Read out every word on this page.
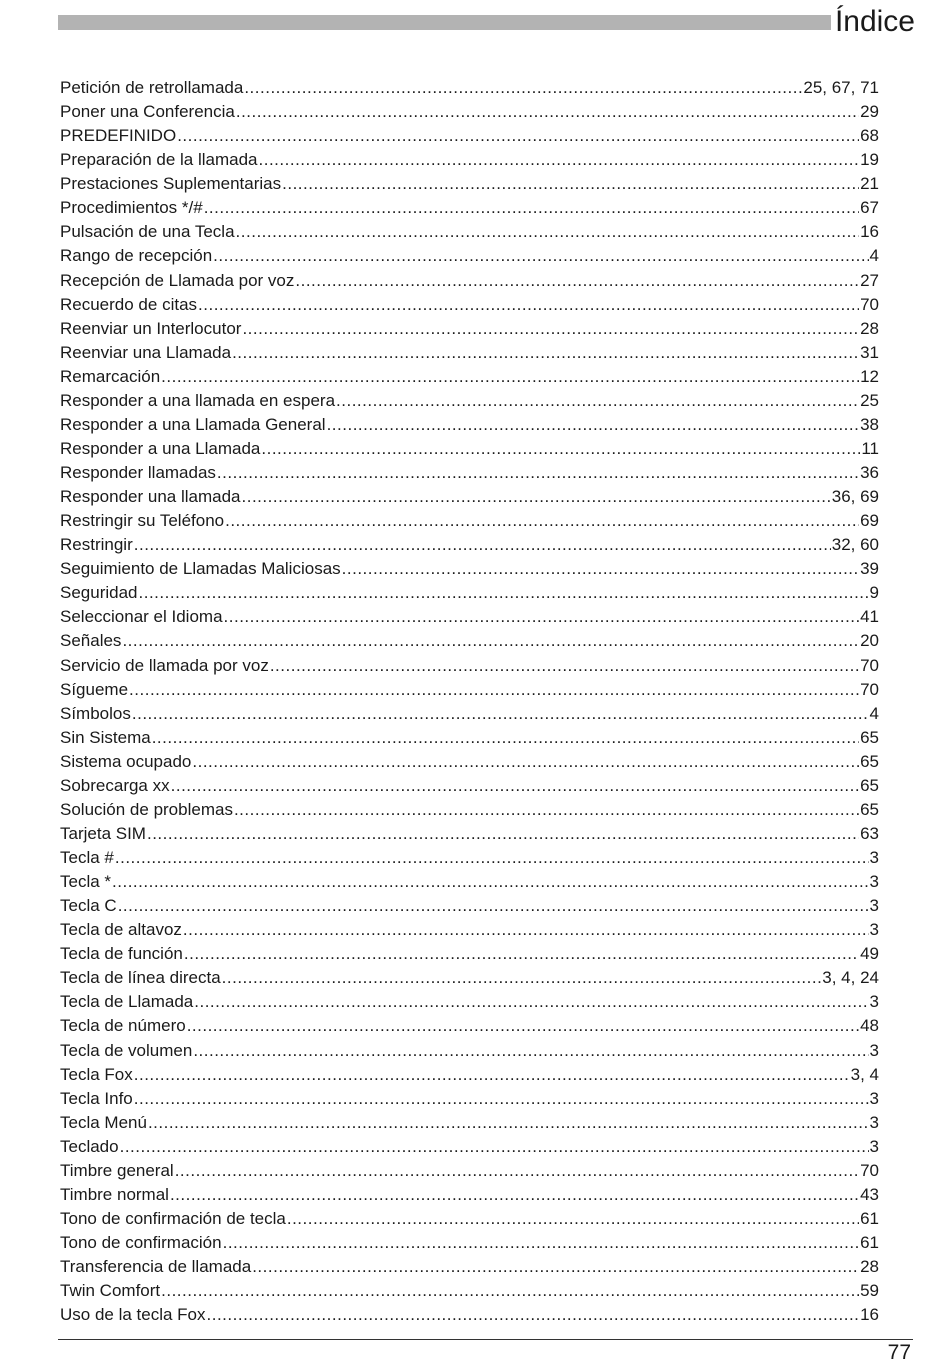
Índice
Petición de retrollamada .....	25, 67, 71
Poner una Conferencia .....	29
PREDEFINIDO .....	68
Preparación de la llamada .....	19
Prestaciones Suplementarias .....	21
Procedimientos */# .....	67
Pulsación de una Tecla .....	16
Rango de recepción .....	4
Recepción de Llamada por voz .....	27
Recuerdo de citas .....	70
Reenviar un Interlocutor .....	28
Reenviar una Llamada .....	31
Remarcación .....	12
Responder a una llamada en espera .....	25
Responder a una Llamada General .....	38
Responder a una Llamada .....	11
Responder llamadas .....	36
Responder una llamada .....	36, 69
Restringir su Teléfono .....	69
Restringir .....	32, 60
Seguimiento de Llamadas Maliciosas .....	39
Seguridad .....	9
Seleccionar el Idioma .....	41
Señales .....	20
Servicio de llamada por voz .....	70
Sígueme .....	70
Símbolos .....	4
Sin Sistema .....	65
Sistema ocupado .....	65
Sobrecarga xx .....	65
Solución de problemas .....	65
Tarjeta SIM .....	63
Tecla # .....	3
Tecla * .....	3
Tecla C .....	3
Tecla de altavoz .....	3
Tecla de función .....	49
Tecla de línea directa .....	3, 4, 24
Tecla de Llamada .....	3
Tecla de número .....	48
Tecla de volumen .....	3
Tecla Fox .....	3, 4
Tecla Info .....	3
Tecla Menú .....	3
Teclado .....	3
Timbre general .....	70
Timbre normal .....	43
Tono de confirmación de tecla .....	61
Tono de confirmación .....	61
Transferencia de llamada .....	28
Twin Comfort .....	59
Uso de la tecla Fox .....	16
77
